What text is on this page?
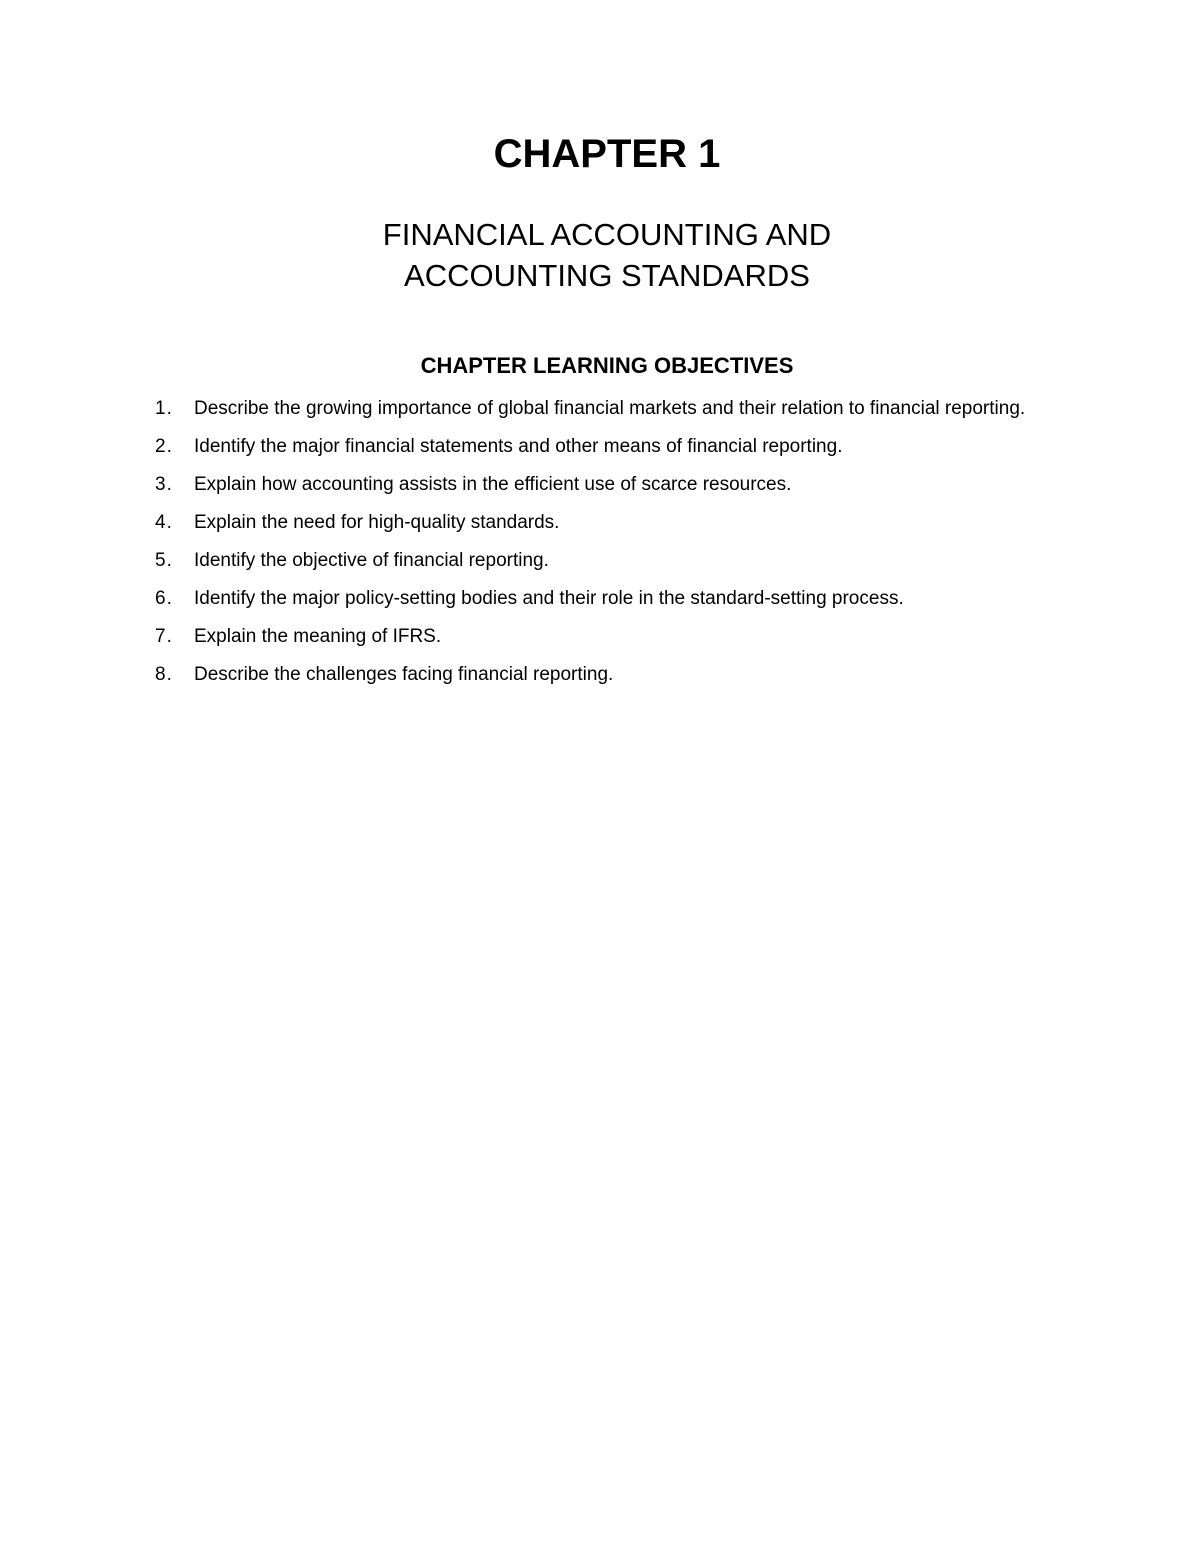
CHAPTER 1
FINANCIAL ACCOUNTING AND
ACCOUNTING STANDARDS
CHAPTER LEARNING OBJECTIVES
1. Describe the growing importance of global financial markets and their relation to financial reporting.
2. Identify the major financial statements and other means of financial reporting.
3. Explain how accounting assists in the efficient use of scarce resources.
4. Explain the need for high-quality standards.
5. Identify the objective of financial reporting.
6. Identify the major policy-setting bodies and their role in the standard-setting process.
7. Explain the meaning of IFRS.
8. Describe the challenges facing financial reporting.
